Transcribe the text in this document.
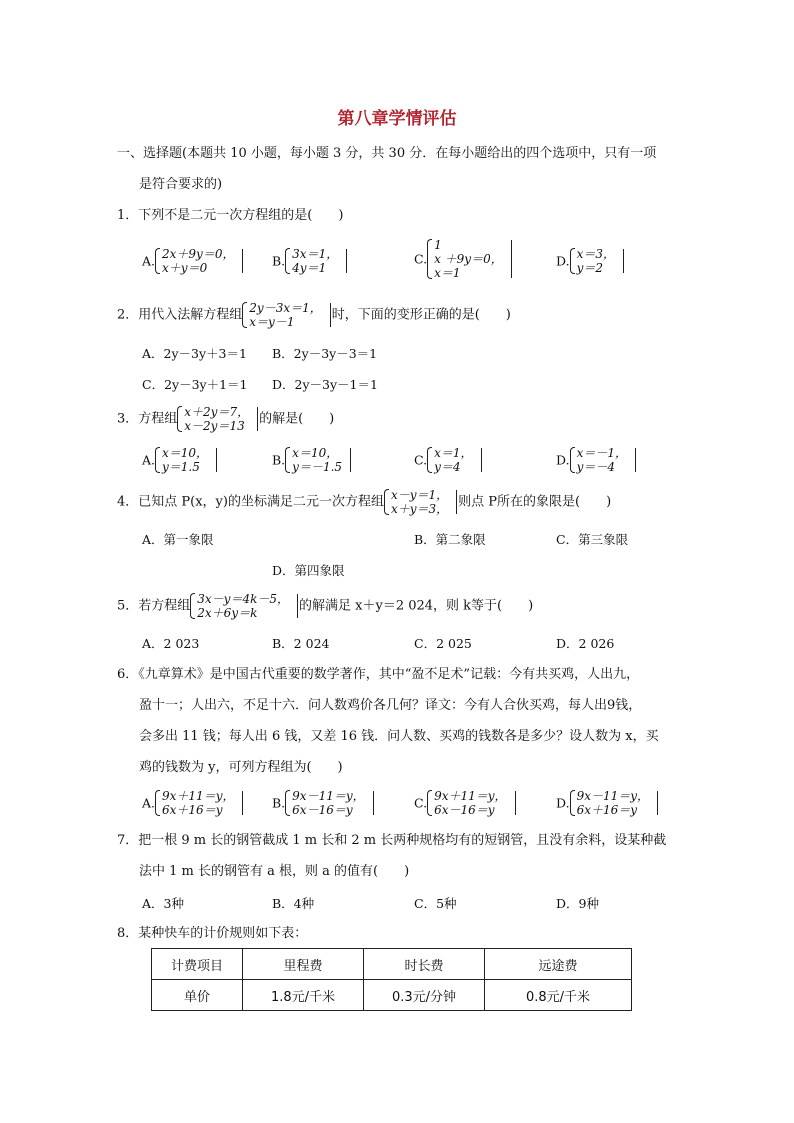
第八章学情评估
一、选择题(本题共 10 小题，每小题 3 分，共 30 分．在每小题给出的四个选项中，只有一项
是符合要求的)
1．下列不是二元一次方程组的是(　　)
A. 2x＋9y＝0，
x＋y＝0	B. 3x＝1，
4y＝1
C.
1
x ＋9y＝0，
x＝1
D. x＝3，
y＝2
2．用代入法解方程组 2y－3x＝1，
x＝y－1	时，下面的变形正确的是(　　)
A．2y－3y＋3＝1 B．2y－3y－3＝1
C．2y－3y＋1＝1 D．2y－3y－1＝1
3．方程组 x＋2y＝7，
x－2y＝13	的解是(　　)
A. x＝10，
y＝1.5	B. x＝10，
y＝－1.5	C. x＝1，
y＝4	D. x＝－1，
y＝－4
4．已知点 P(x，y)的坐标满足二元一次方程组 x－y＝1，
x＋y＝3， 则点 P所在的象限是(　　)
A．第一象限	B．第二象限	C．第三象限
D．第四象限
5．若方程组 3x－y＝4k－5，
2x＋6y＝k	的解满足 x＋y＝2 024，则 k等于(　　)
A．2 023	B．2 024	C．2 025	D．2 026
6．《九章算术》是中国古代重要的数学著作，其中“盈不足术”记载：今有共买鸡，人出九，
盈十一；人出六，不足十六．问人数鸡价各几何？译文：今有人合伙买鸡，每人出9钱，
会多出 11 钱；每人出 6 钱，又差 16 钱．问人数、买鸡的钱数各是多少？设人数为 x，买
鸡的钱数为 y，可列方程组为(　　)
A. 9x＋11＝y，
6x＋16＝y	B. 9x－11＝y，
6x－16＝y	C. 9x＋11＝y，
6x－16＝y	D. 9x－11＝y，
6x＋16＝y
7．把一根 9 m 长的钢管截成 1 m 长和 2 m 长两种规格均有的短钢管，且没有余料，设某种截
法中 1 m 长的钢管有 a 根，则 a 的值有(　　)
A．3种	B．4种	C．5种	D．9种
8．某种快车的计价规则如下表：
计费项目	里程费	时长费	远途费
单价	1.8元/千米	0.3元/分钟	0.8元/千米
